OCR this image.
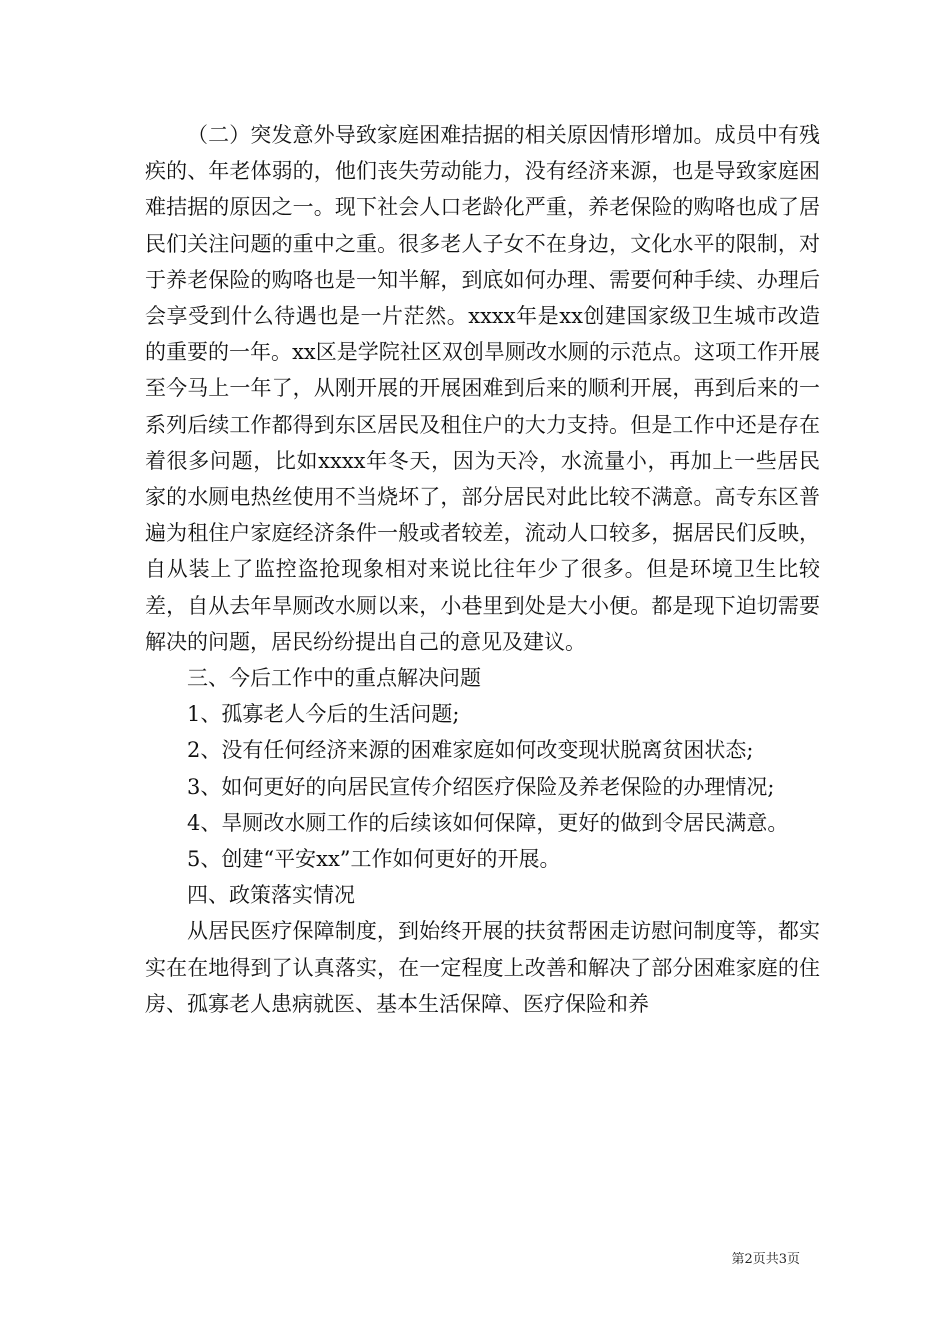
（二）突发意外导致家庭困难拮据的相关原因情形增加。成员中有残疾的、年老体弱的，他们丧失劳动能力，没有经济来源，也是导致家庭困难拮据的原因之一。现下社会人口老龄化严重，养老保险的购咯也成了居民们关注问题的重中之重。很多老人子女不在身边，文化水平的限制，对于养老保险的购咯也是一知半解，到底如何办理、需要何种手续、办理后会享受到什么待遇也是一片茫然。xxxx年是xx创建国家级卫生城市改造的重要的一年。xx区是学院社区双创旱厕改水厕的示范点。这项工作开展至今马上一年了，从刚开展的开展困难到后来的顺利开展，再到后来的一系列后续工作都得到东区居民及租住户的大力支持。但是工作中还是存在着很多问题，比如xxxx年冬天，因为天冷，水流量小，再加上一些居民家的水厕电热丝使用不当烧坏了，部分居民对此比较不满意。高专东区普遍为租住户家庭经济条件一般或者较差，流动人口较多，据居民们反映，自从装上了监控盗抢现象相对来说比往年少了很多。但是环境卫生比较差，自从去年旱厕改水厕以来，小巷里到处是大小便。都是现下迫切需要解决的问题，居民纷纷提出自己的意见及建议。

三、今后工作中的重点解决问题

1、孤寡老人今后的生活问题;

2、没有任何经济来源的困难家庭如何改变现状脱离贫困状态;

3、如何更好的向居民宣传介绍医疗保险及养老保险的办理情况;

4、旱厕改水厕工作的后续该如何保障，更好的做到令居民满意。

5、创建“平安xx”工作如何更好的开展。

四、政策落实情况

从居民医疗保障制度，到始终开展的扶贫帮困走访慰问制度等，都实实在在地得到了认真落实，在一定程度上改善和解决了部分困难家庭的住房、孤寡老人患病就医、基本生活保障、医疗保险和养

第2页共3页
